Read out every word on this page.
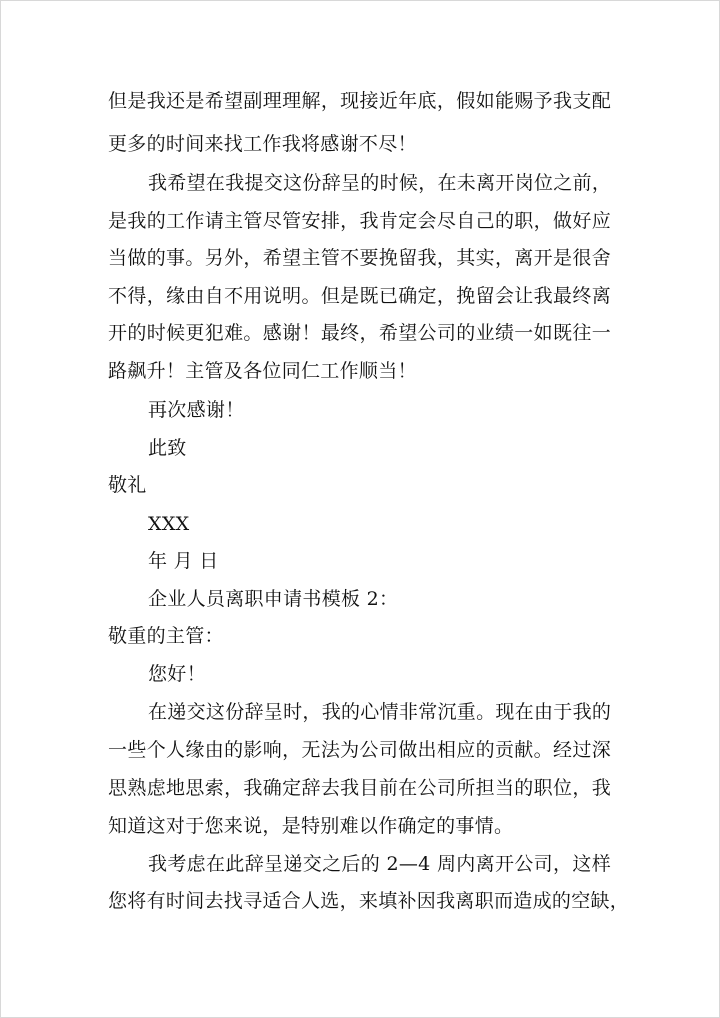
但是我还是希望副理理解，现接近年底，假如能赐予我支配
更多的时间来找工作我将感谢不尽！
我希望在我提交这份辞呈的时候，在未离开岗位之前，
是我的工作请主管尽管安排，我肯定会尽自己的职，做好应
当做的事。另外，希望主管不要挽留我，其实，离开是很舍
不得，缘由自不用说明。但是既已确定，挽留会让我最终离
开的时候更犯难。感谢！最终，希望公司的业绩一如既往一
路飙升！主管及各位同仁工作顺当！
再次感谢！
此致
敬礼
XXX
年 月 日
企业人员离职申请书模板 2：
敬重的主管：
您好！
在递交这份辞呈时，我的心情非常沉重。现在由于我的
一些个人缘由的影响，无法为公司做出相应的贡献。经过深
思熟虑地思索，我确定辞去我目前在公司所担当的职位，我
知道这对于您来说，是特别难以作确定的事情。
我考虑在此辞呈递交之后的 2—4 周内离开公司，这样
您将有时间去找寻适合人选，来填补因我离职而造成的空缺，
